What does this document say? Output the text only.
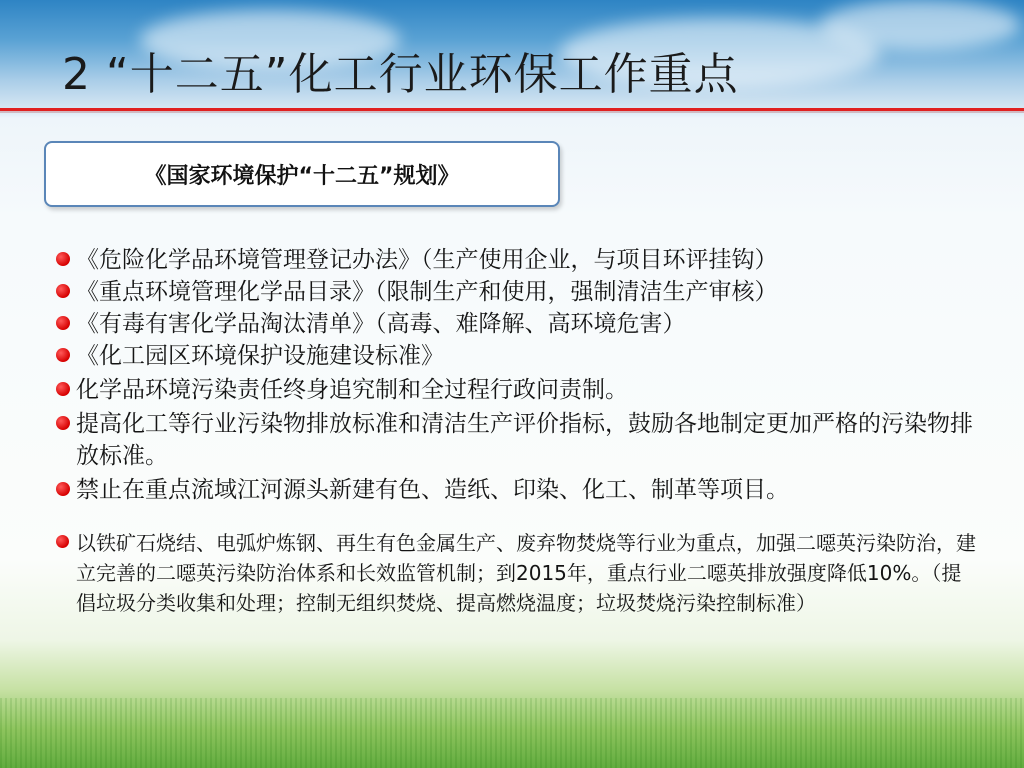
2 “十二五”化工行业环保工作重点
《国家环境保护“十二五”规划》
《危险化学品环境管理登记办法》（生产使用企业，与项目环评挂钩）
《重点环境管理化学品目录》（限制生产和使用，强制清洁生产审核）
《有毒有害化学品淘汰清单》（高毒、难降解、高环境危害）
《化工园区环境保护设施建设标准》
化学品环境污染责任终身追究制和全过程行政问责制。
提高化工等行业污染物排放标准和清洁生产评价指标，鼓励各地制定更加严格的污染物排放标准。
禁止在重点流域江河源头新建有色、造纸、印染、化工、制革等项目。
以铁矿石烧结、电弧炉炼钢、再生有色金属生产、废弃物焚烧等行业为重点，加强二噁英污染防治，建立完善的二噁英污染防治体系和长效监管机制；到2015年，重点行业二噁英排放强度降低10%。（提倡垃圾分类收集和处理；控制无组织焚烧、提高燃烧温度；垃圾焚烧污染控制标准）
